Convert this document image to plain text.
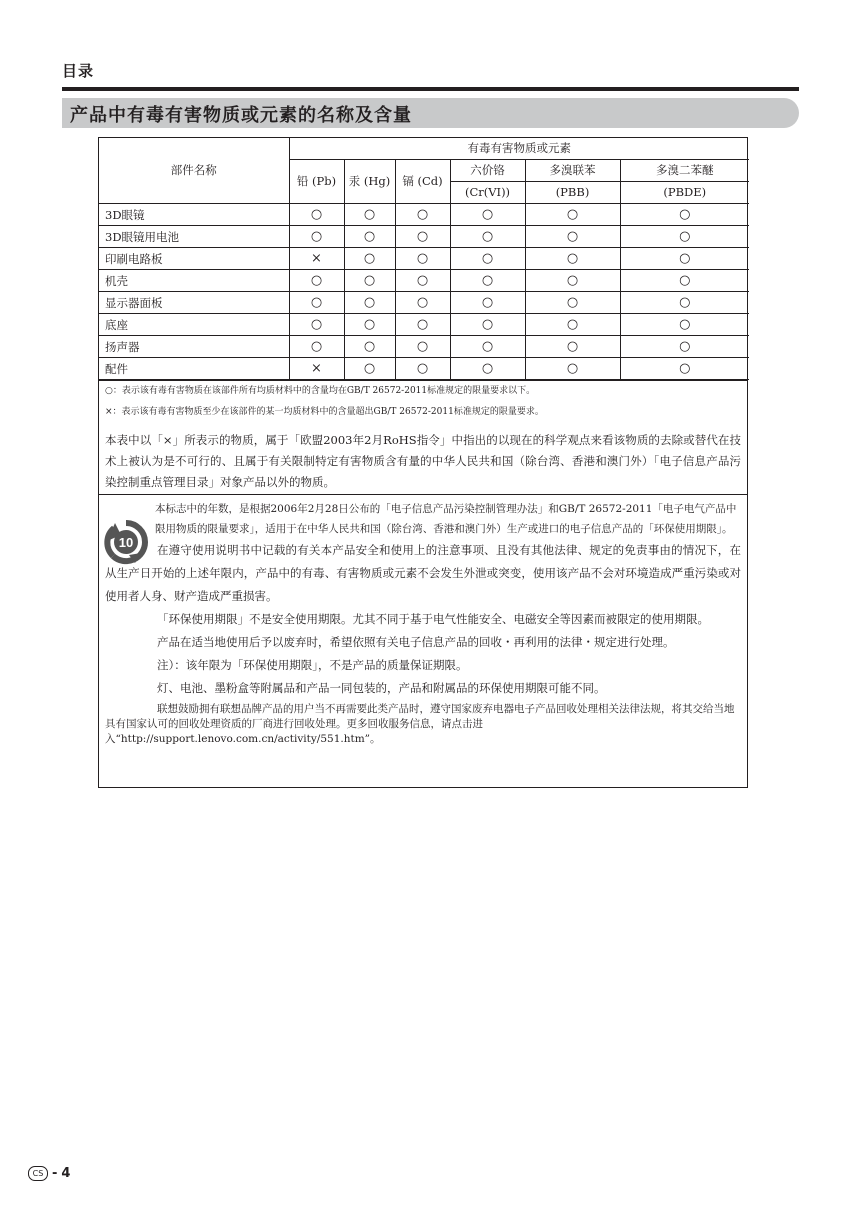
目录
产品中有毒有害物质或元素的名称及含量
部件名称	有毒有害物质或元素					
	铅 (Pb)	汞 (Hg)	镉 (Cd)	六价铬	多溴联苯	多溴二苯醚
				(Cr(VI))	(PBB)	(PBDE)
3D眼镜	○	○	○	○	○	○
3D眼镜用电池	○	○	○	○	○	○
印刷电路板	×	○	○	○	○	○
机壳	○	○	○	○	○	○
显示器面板	○	○	○	○	○	○
底座	○	○	○	○	○	○
扬声器	○	○	○	○	○	○
配件	×	○	○	○	○	○
○：表示该有毒有害物质在该部件所有均质材料中的含量均在GB/T 26572-2011标准规定的限量要求以下。
×：表示该有毒有害物质至少在该部件的某一均质材料中的含量超出GB/T 26572-2011标准规定的限量要求。
本表中以「×」所表示的物质，属于「欧盟2003年2月RoHS指令」中指出的以现在的科学观点来看该物质的去除或替代在技术上被认为是不可行的、且属于有关限制特定有害物质含有量的中华人民共和国（除台湾、香港和澳门外）「电子信息产品污染控制重点管理目录」对象产品以外的物质。
10
本标志中的年数，是根据2006年2月28日公布的「电子信息产品污染控制管理办法」和GB/T 26572-2011「电子电气产品中限用物质的限量要求」，适用于在中华人民共和国（除台湾、香港和澳门外）生产或进口的电子信息产品的「环保使用期限」。
在遵守使用说明书中记载的有关本产品安全和使用上的注意事项、且没有其他法律、规定的免责事由的情况下，在从生产日开始的上述年限内，产品中的有毒、有害物质或元素不会发生外泄或突变，使用该产品不会对环境造成严重污染或对使用者人身、财产造成严重损害。
「环保使用期限」不是安全使用期限。尤其不同于基于电气性能安全、电磁安全等因素而被限定的使用期限。
产品在适当地使用后予以废弃时，希望依照有关电子信息产品的回收・再利用的法律・规定进行处理。
注）：该年限为「环保使用期限」，不是产品的质量保证期限。
灯、电池、墨粉盒等附属品和产品一同包装的，产品和附属品的环保使用期限可能不同。
联想鼓励拥有联想品牌产品的用户当不再需要此类产品时，遵守国家废弃电器电子产品回收处理相关法律法规，将其交给当地具有国家认可的回收处理资质的厂商进行回收处理。更多回收服务信息，请点击进入“http://support.lenovo.com.cn/activity/551.htm”。
CS - 4
